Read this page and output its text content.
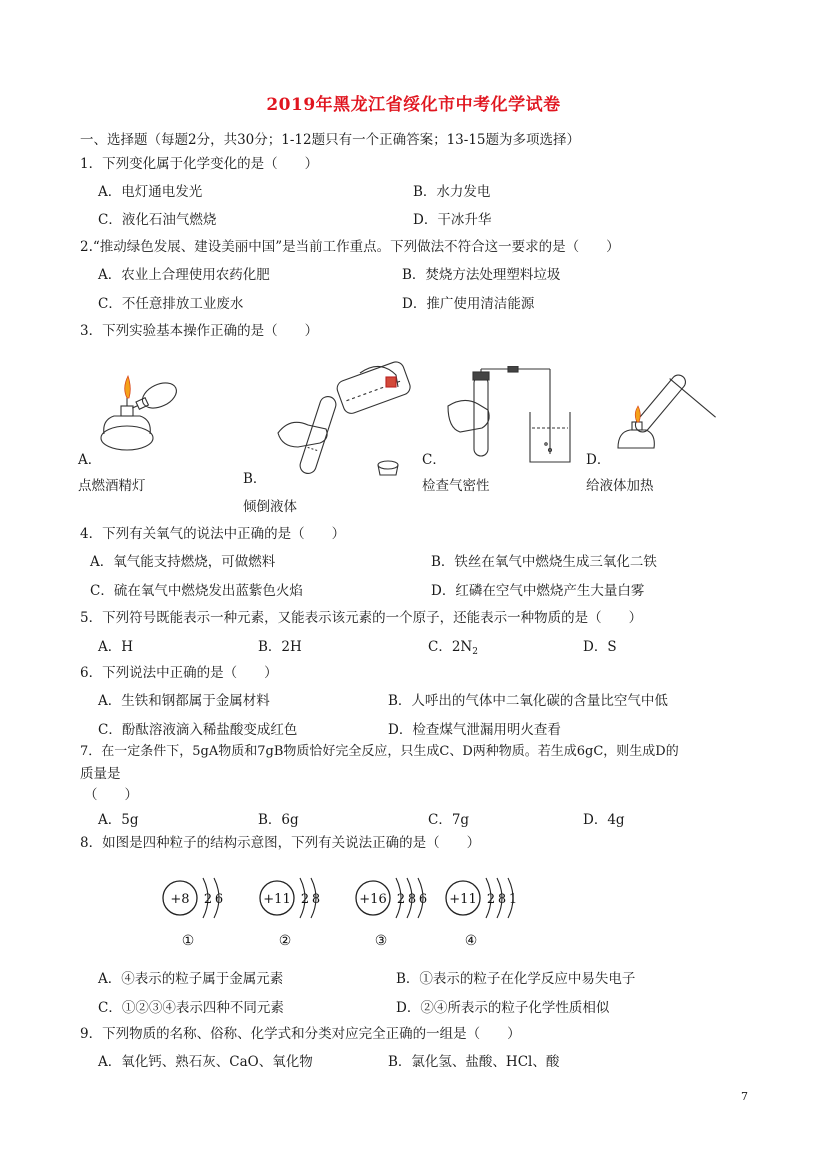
2019年黑龙江省绥化市中考化学试卷
一、选择题（每题2分，共30分；1-12题只有一个正确答案；13-15题为多项选择）
1．下列变化属于化学变化的是（　　）
A．电灯通电发光	B．水力发电
C．液化石油气燃烧	D．干冰升华
2.“推动绿色发展、建设美丽中国”是当前工作重点。下列做法不符合这一要求的是（　　）
A．农业上合理使用农药化肥	B．焚烧方法处理塑料垃圾
C．不任意排放工业废水	D．推广使用清洁能源
3．下列实验基本操作正确的是（　　）
A．
点燃酒精灯	B．
倾倒液体
C．
检查气密性
D．
给液体加热
4．下列有关氧气的说法中正确的是（　　）
A．氧气能支持燃烧，可做燃料	B．铁丝在氧气中燃烧生成三氧化二铁
C．硫在氧气中燃烧发出蓝紫色火焰	D．红磷在空气中燃烧产生大量白雾
5．下列符号既能表示一种元素，又能表示该元素的一个原子，还能表示一种物质的是（　　）
A．H	B．2H	C．$2N_2$	D．S
6．下列说法中正确的是（　　）
A．生铁和钢都属于金属材料	B．人呼出的气体中二氧化碳的含量比空气中低
C．酚酞溶液滴入稀盐酸变成红色	D．检查煤气泄漏用明火查看
7．在一定条件下，5gA物质和7gB物质恰好完全反应，只生成C、D两种物质。若生成6gC，则生成D的
质量是
（　　）
A．5g	B．6g	C．7g	D．4g
8．如图是四种粒子的结构示意图，下列有关说法正确的是（　　）
+8 2 6
①
+11 2 8
②
+16 2 8 6
③
+11 2 8 1
④
A．④表示的粒子属于金属元素	B．①表示的粒子在化学反应中易失电子
C．①②③④表示四种不同元素	D．②④所表示的粒子化学性质相似
9．下列物质的名称、俗称、化学式和分类对应完全正确的一组是（　　）
A．氧化钙、熟石灰、CaO、氧化物	B．氯化氢、盐酸、HCl、酸
7
